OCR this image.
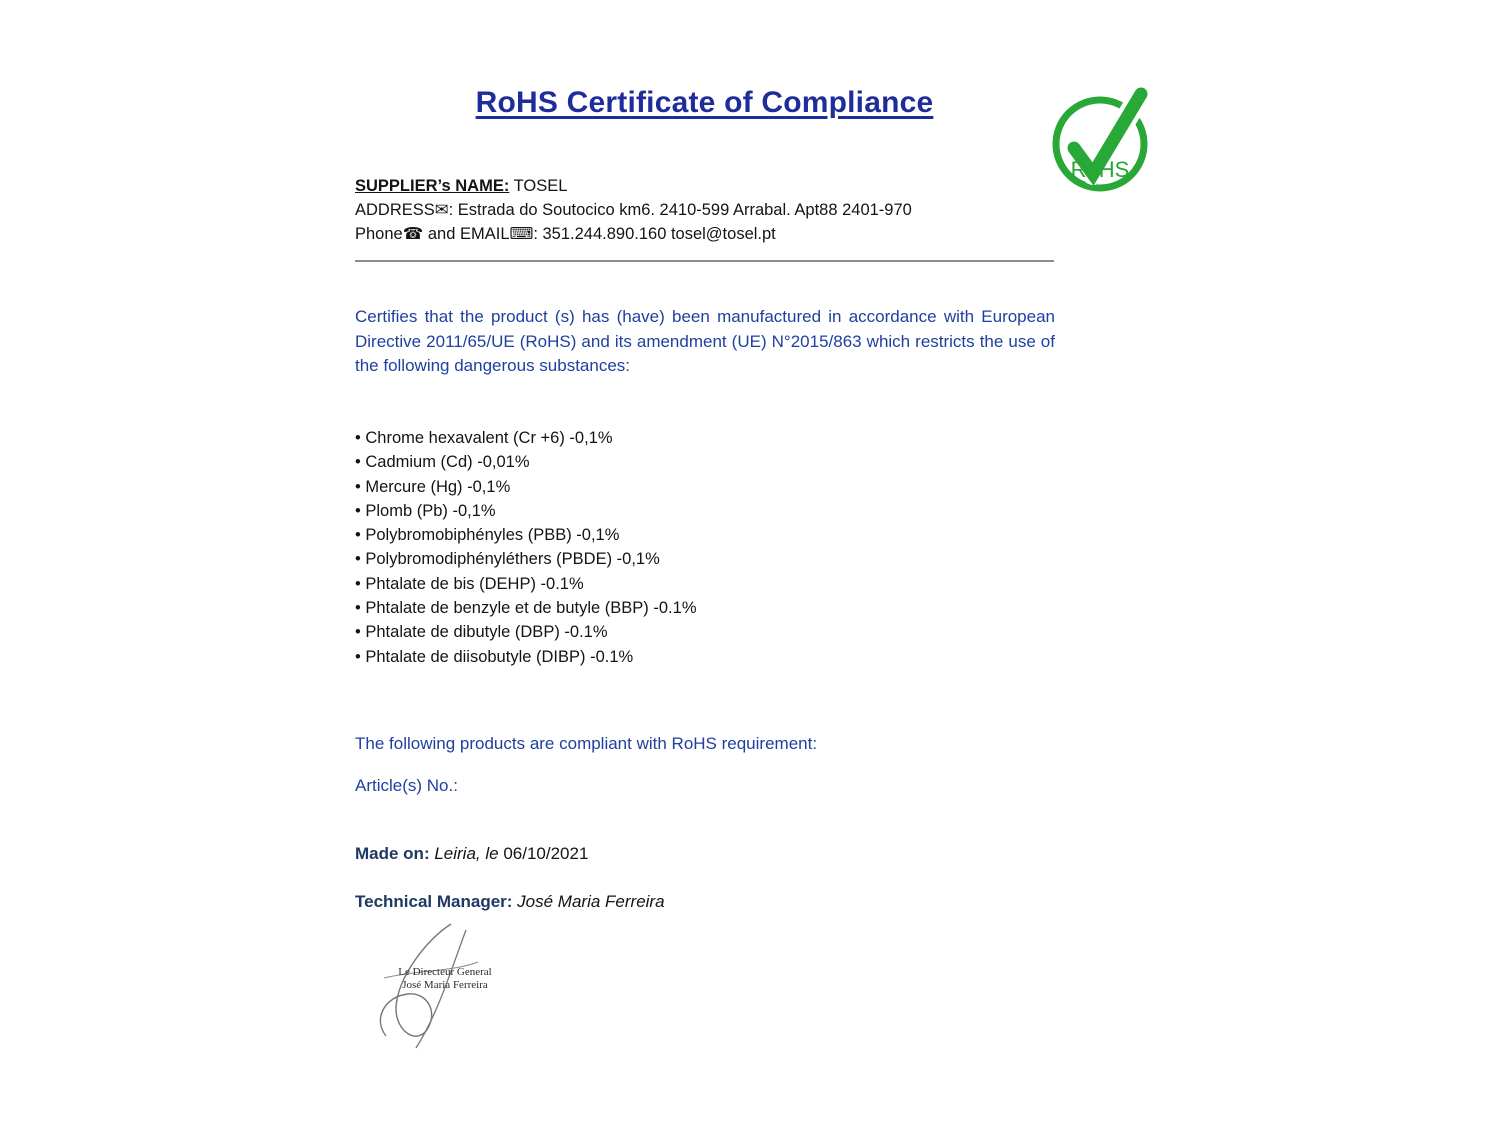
RoHS Certificate of Compliance
RoHS

SUPPLIER’s NAME: TOSEL

ADDRESS✉: Estrada do Soutocico km6. 2410-599 Arrabal. Apt88 2401-970

Phone☎ and EMAIL⌨: 351.244.890.160 tosel@tosel.pt

Certifies that the product (s) has (have) been manufactured in accordance with European Directive 2011/65/UE (RoHS) and its amendment (UE) N°2015/863 which restricts the use of the following dangerous substances:

• Chrome hexavalent (Cr +6) -0,1%
• Cadmium (Cd) -0,01%
• Mercure (Hg) -0,1%
• Plomb (Pb) -0,1%
• Polybromobiphényles (PBB) -0,1%
• Polybromodiphényléthers (PBDE) -0,1%
• Phtalate de bis (DEHP) -0.1%
• Phtalate de benzyle et de butyle (BBP) -0.1%
• Phtalate de dibutyle (DBP) -0.1%
• Phtalate de diisobutyle (DIBP) -0.1%

The following products are compliant with RoHS requirement:

Article(s) No.:

Made on: Leiria, le 06/10/2021

Technical Manager: José Maria Ferreira

Le Directeur General

José Maria Ferreira
